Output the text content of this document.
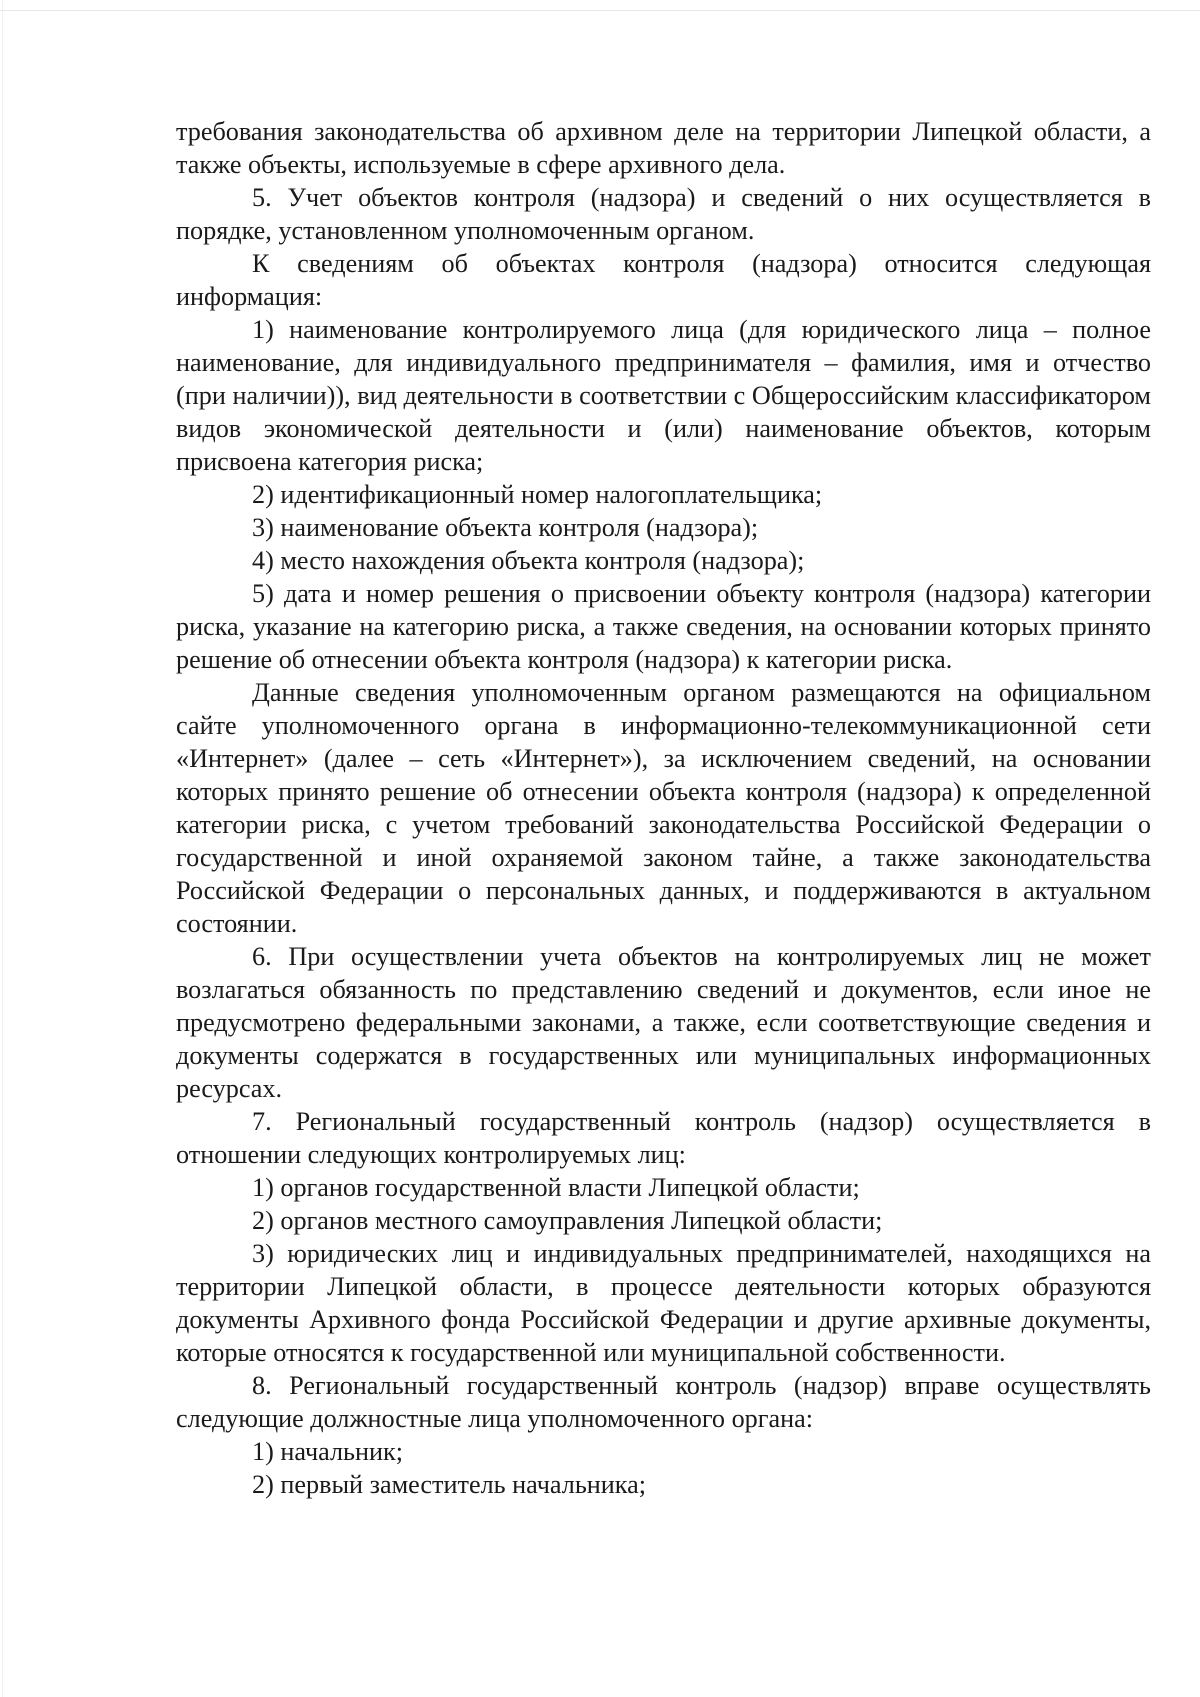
требования законодательства об архивном деле на территории Липецкой области, а также объекты, используемые в сфере архивного дела.

5. Учет объектов контроля (надзора) и сведений о них осуществляется в порядке, установленном уполномоченным органом.

К сведениям об объектах контроля (надзора) относится следующая информация:

1) наименование контролируемого лица (для юридического лица – полное наименование, для индивидуального предпринимателя – фамилия, имя и отчество (при наличии)), вид деятельности в соответствии с Общероссийским классификатором видов экономической деятельности и (или) наименование объектов, которым присвоена категория риска;

2) идентификационный номер налогоплательщика;

3) наименование объекта контроля (надзора);

4) место нахождения объекта контроля (надзора);

5) дата и номер решения о присвоении объекту контроля (надзора) категории риска, указание на категорию риска, а также сведения, на основании которых принято решение об отнесении объекта контроля (надзора) к категории риска.

Данные сведения уполномоченным органом размещаются на официальном сайте уполномоченного органа в информационно-телекоммуникационной сети «Интернет» (далее – сеть «Интернет»), за исключением сведений, на основании которых принято решение об отнесении объекта контроля (надзора) к определенной категории риска, с учетом требований законодательства Российской Федерации о государственной и иной охраняемой законом тайне, а также законодательства Российской Федерации о персональных данных, и поддерживаются в актуальном состоянии.

6. При осуществлении учета объектов на контролируемых лиц не может возлагаться обязанность по представлению сведений и документов, если иное не предусмотрено федеральными законами, а также, если соответствующие сведения и документы содержатся в государственных или муниципальных информационных ресурсах.

7. Региональный государственный контроль (надзор) осуществляется в отношении следующих контролируемых лиц:

1) органов государственной власти Липецкой области;

2) органов местного самоуправления Липецкой области;

3) юридических лиц и индивидуальных предпринимателей, находящихся на территории Липецкой области, в процессе деятельности которых образуются документы Архивного фонда Российской Федерации и другие архивные документы, которые относятся к государственной или муниципальной собственности.

8. Региональный государственный контроль (надзор) вправе осуществлять следующие должностные лица уполномоченного органа:

1) начальник;

2) первый заместитель начальника;
